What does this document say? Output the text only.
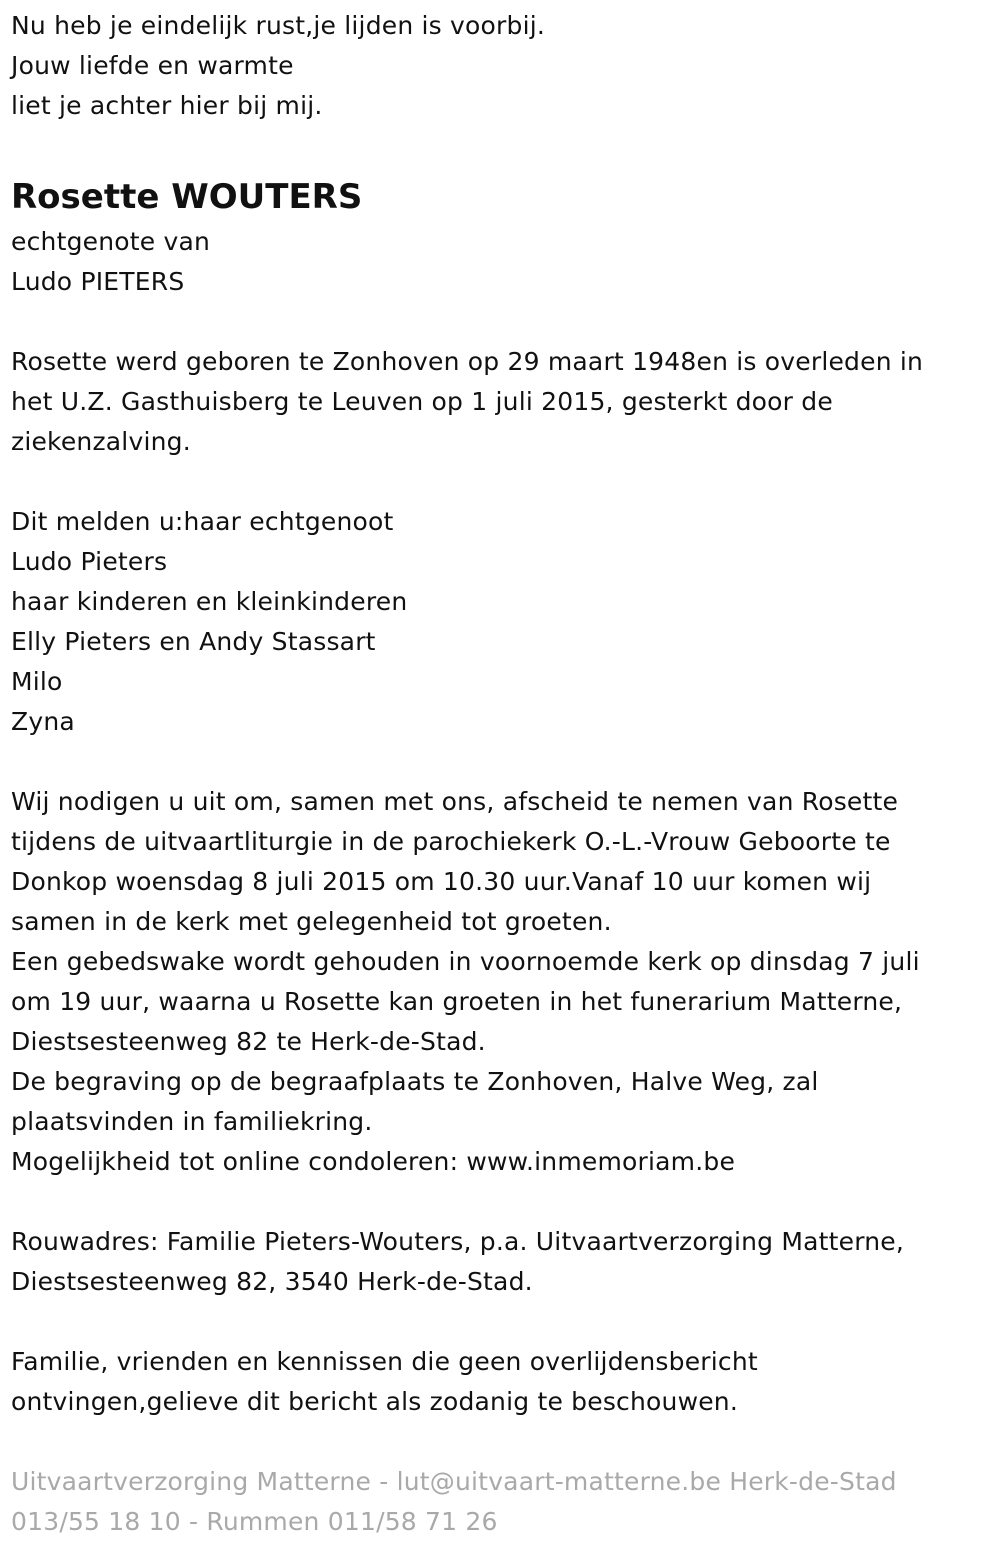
Nu heb je eindelijk rust,je lijden is voorbij.
Jouw liefde en warmte
liet je achter hier bij mij.
Rosette WOUTERS
echtgenote van
Ludo PIETERS
Rosette werd geboren te Zonhoven op 29 maart 1948en is overleden in
het U.Z. Gasthuisberg te Leuven op 1 juli 2015, gesterkt door de
ziekenzalving.
Dit melden u:haar echtgenoot
Ludo Pieters
haar kinderen en kleinkinderen
Elly Pieters en Andy Stassart
Milo
Zyna
Wij nodigen u uit om, samen met ons, afscheid te nemen van Rosette
tijdens de uitvaartliturgie in de parochiekerk O.-L.-Vrouw Geboorte te
Donkop woensdag 8 juli 2015 om 10.30 uur.Vanaf 10 uur komen wij
samen in de kerk met gelegenheid tot groeten.
Een gebedswake wordt gehouden in voornoemde kerk op dinsdag 7 juli
om 19 uur, waarna u Rosette kan groeten in het funerarium Matterne,
Diestsesteenweg 82 te Herk-de-Stad.
De begraving op de begraafplaats te Zonhoven, Halve Weg, zal
plaatsvinden in familiekring.
Mogelijkheid tot online condoleren: www.inmemoriam.be
Rouwadres: Familie Pieters-Wouters, p.a. Uitvaartverzorging Matterne,
Diestsesteenweg 82, 3540 Herk-de-Stad.
Familie, vrienden en kennissen die geen overlijdensbericht
ontvingen,gelieve dit bericht als zodanig te beschouwen.
Uitvaartverzorging Matterne - lut@uitvaart-matterne.be Herk-de-Stad
013/55 18 10 - Rummen 011/58 71 26
